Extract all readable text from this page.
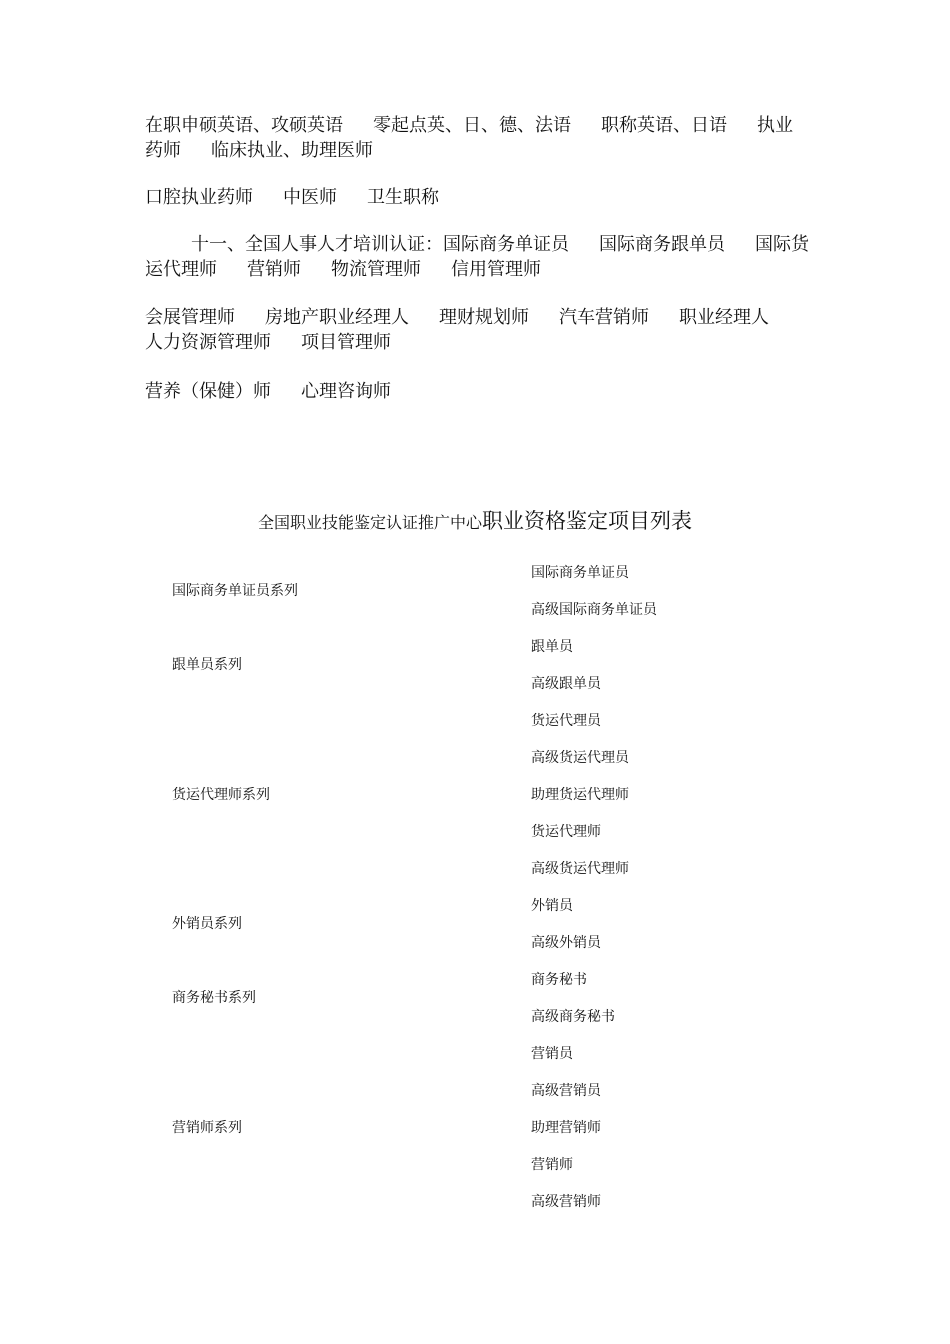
在职申硕英语、攻硕英语 零起点英、日、德、法语 职称英语、日语 执业药师 临床执业、助理医师

口腔执业药师 中医师 卫生职称

十一、全国人事人才培训认证：国际商务单证员 国际商务跟单员 国际货运代理师 营销师 物流管理师 信用管理师

会展管理师 房地产职业经理人 理财规划师 汽车营销师 职业经理人人力资源管理师 项目管理师

营养（保健）师 心理咨询师

全国职业技能鉴定认证推广中心职业资格鉴定项目列表
国际商务单证员系列
跟单员系列
货运代理师系列
外销员系列
商务秘书系列
营销师系列
国际商务单证员
高级国际商务单证员
跟单员
高级跟单员
货运代理员
高级货运代理员
助理货运代理师
货运代理师
高级货运代理师
外销员
高级外销员
商务秘书
高级商务秘书
营销员
高级营销员
助理营销师
营销师
高级营销师
